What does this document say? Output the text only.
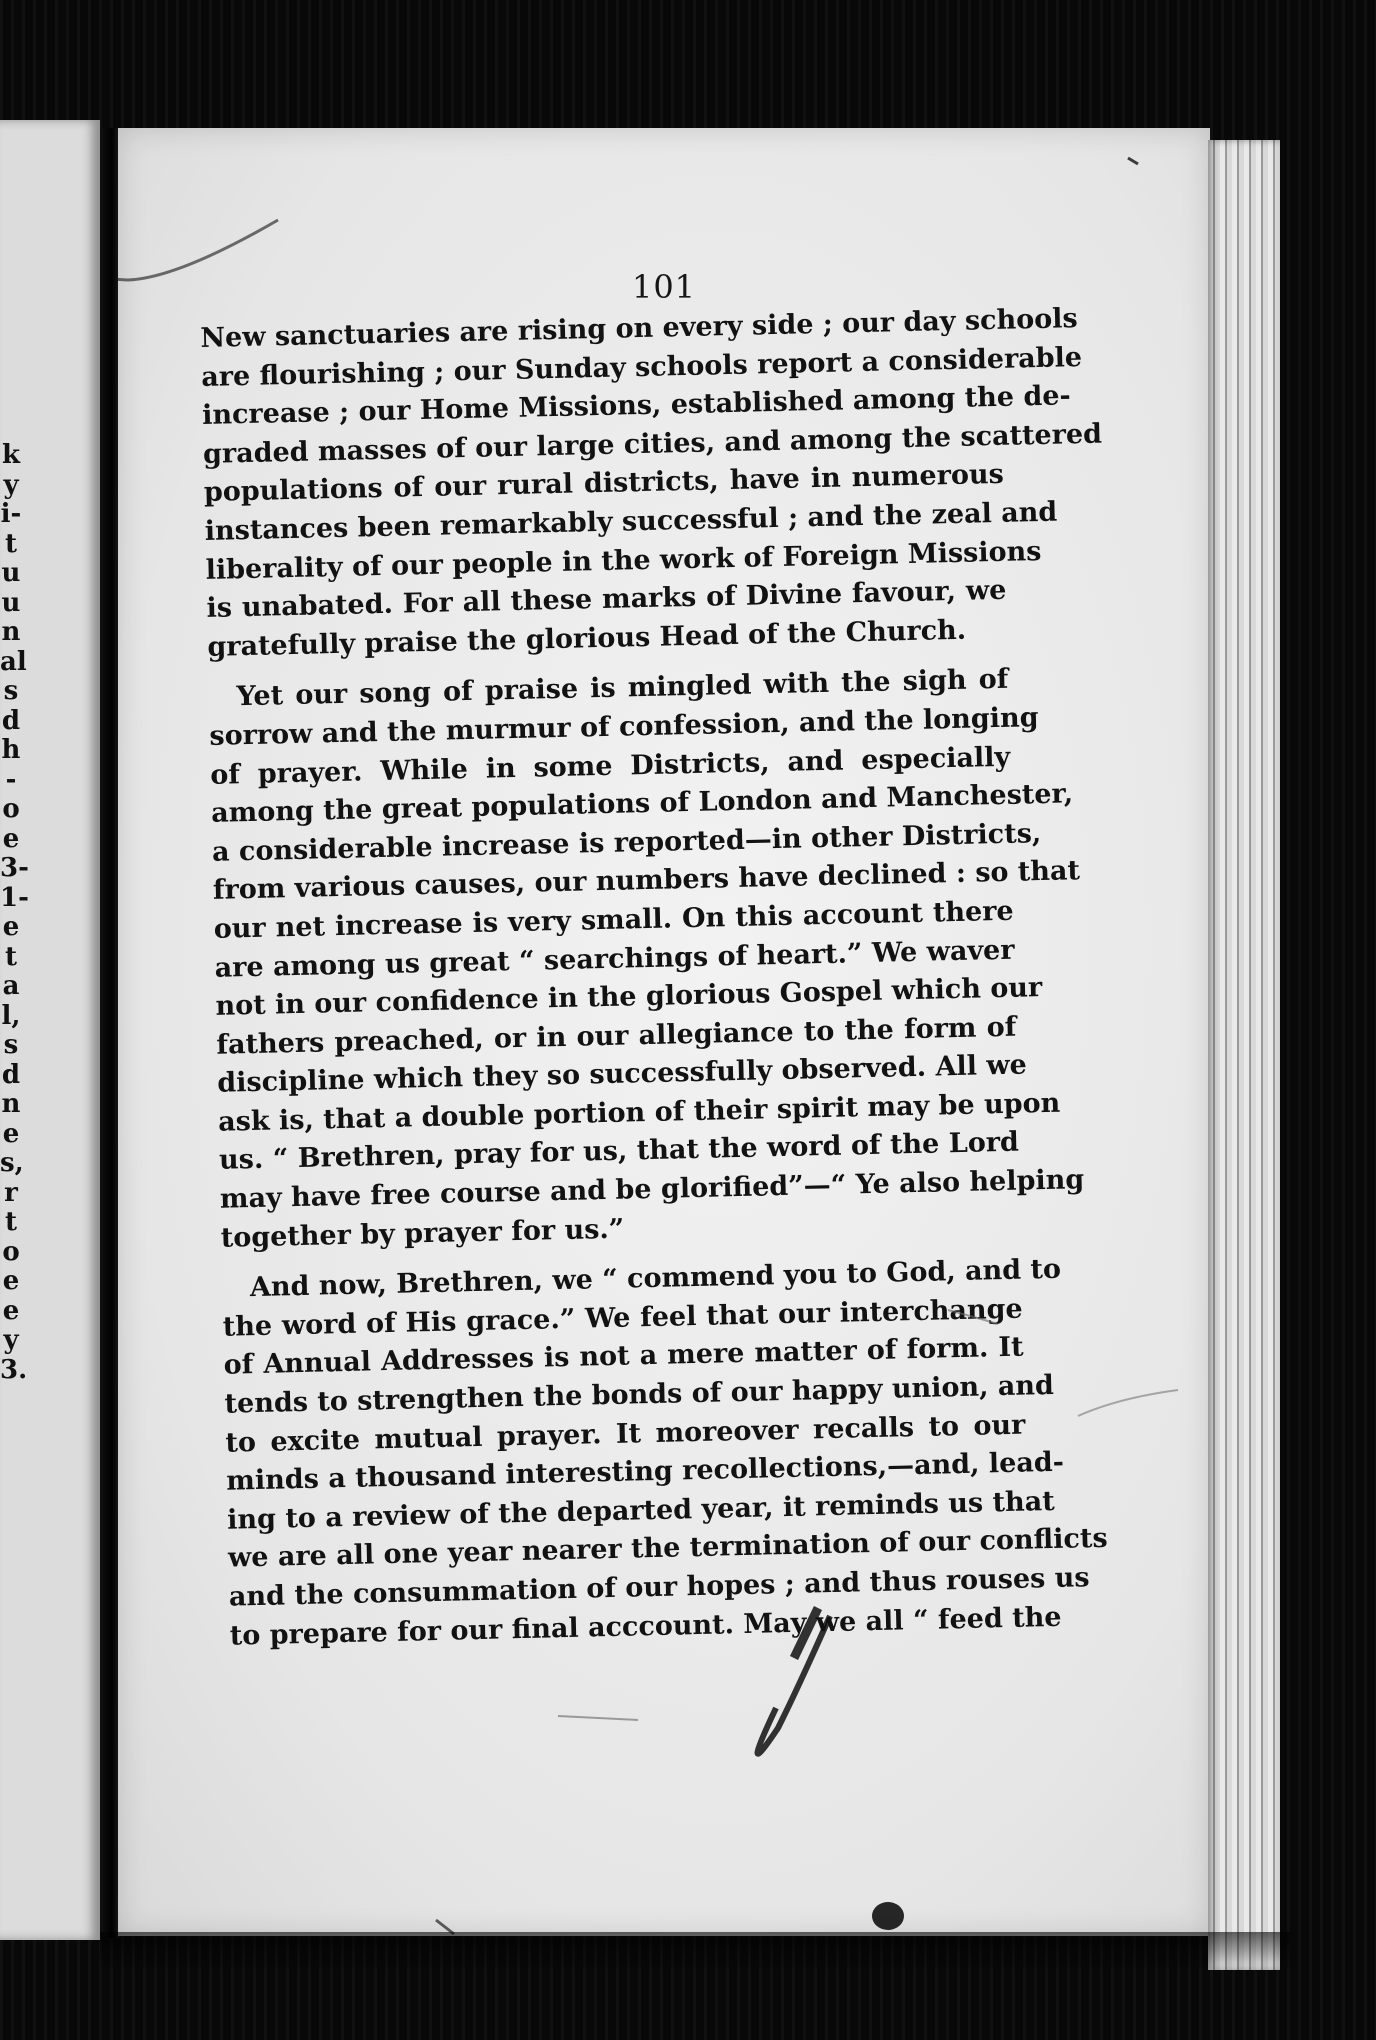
k
y
i-
t
u
u
n
al
s
d
h
-
o
e
3-
1-
e
t
a
l,
s
d
n
e
s,
r
t
o
e
e
y
3.
101

New sanctuaries are rising on every side ; our day schools
are flourishing ; our Sunday schools report a considerable
increase ; our Home Missions, established among the de-
graded masses of our large cities, and among the scattered
populations of our rural districts, have in numerous
instances been remarkably successful ; and the zeal and
liberality of our people in the work of Foreign Missions
is unabated. For all these marks of Divine favour, we
gratefully praise the glorious Head of the Church.

Yet our song of praise is mingled with the sigh of
sorrow and the murmur of confession, and the longing
of prayer. While in some Districts, and especially
among the great populations of London and Manchester,
a considerable increase is reported—in other Districts,
from various causes, our numbers have declined : so that
our net increase is very small. On this account there
are among us great “ searchings of heart.” We waver
not in our confidence in the glorious Gospel which our
fathers preached, or in our allegiance to the form of
discipline which they so successfully observed. All we
ask is, that a double portion of their spirit may be upon
us. “ Brethren, pray for us, that the word of the Lord
may have free course and be glorified”—“ Ye also helping
together by prayer for us.”

And now, Brethren, we “ commend you to God, and to
the word of His grace.” We feel that our interchange
of Annual Addresses is not a mere matter of form. It
tends to strengthen the bonds of our happy union, and
to excite mutual prayer. It moreover recalls to our
minds a thousand interesting recollections,—and, lead-
ing to a review of the departed year, it reminds us that
we are all one year nearer the termination of our conflicts
and the consummation of our hopes ; and thus rouses us
to prepare for our final acccount. May we all “ feed the
